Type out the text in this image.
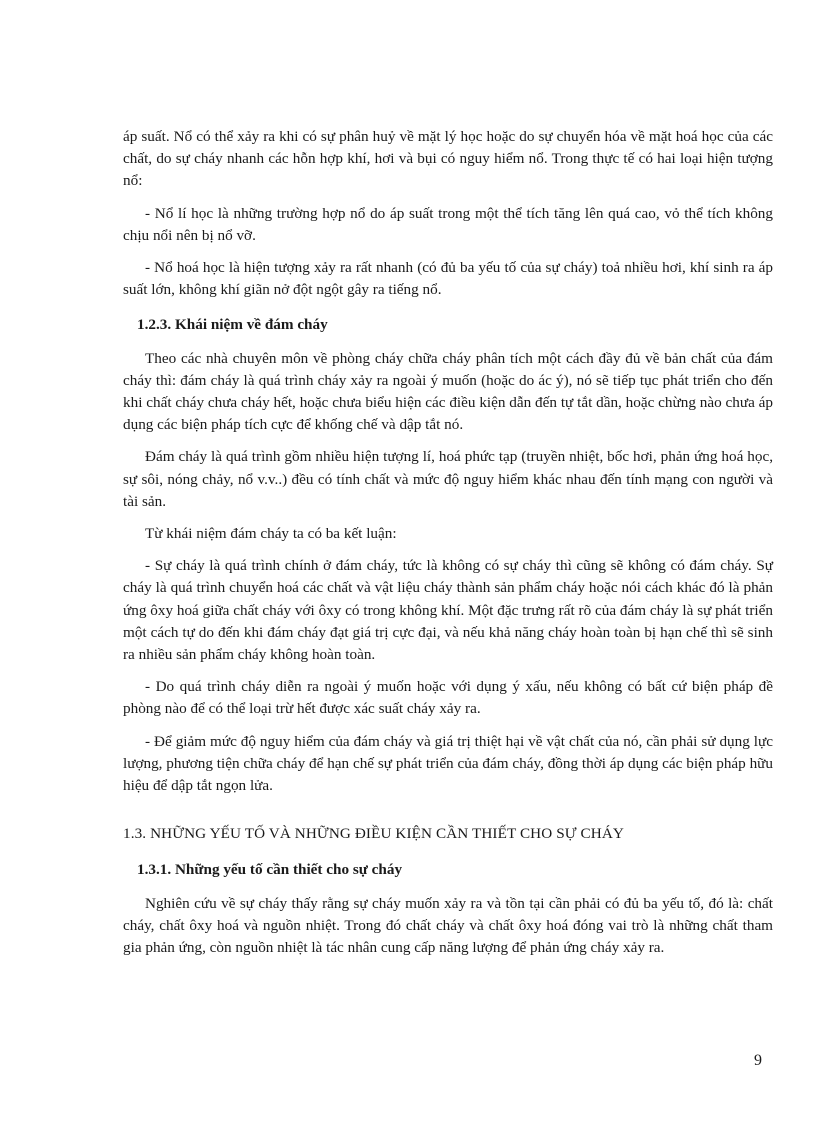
áp suất. Nổ có thể xảy ra khi có sự phân huỷ về mặt lý học hoặc do sự chuyển hóa về mặt hoá học của các chất, do sự cháy nhanh các hỗn hợp khí, hơi và bụi có nguy hiểm nổ. Trong thực tế có hai loại hiện tượng nổ:

- Nổ lí học là những trường hợp nổ do áp suất trong một thể tích tăng lên quá cao, vỏ thể tích không chịu nổi nên bị nổ vỡ.

- Nổ hoá học là hiện tượng xảy ra rất nhanh (có đủ ba yếu tố của sự cháy) toả nhiều hơi, khí sinh ra áp suất lớn, không khí giãn nở đột ngột gây ra tiếng nổ.

1.2.3. Khái niệm về đám cháy

Theo các nhà chuyên môn về phòng cháy chữa cháy phân tích một cách đầy đủ về bản chất của đám cháy thì: đám cháy là quá trình cháy xảy ra ngoài ý muốn (hoặc do ác ý), nó sẽ tiếp tục phát triển cho đến khi chất cháy chưa cháy hết, hoặc chưa biểu hiện các điều kiện dẫn đến tự tắt dần, hoặc chừng nào chưa áp dụng các biện pháp tích cực để khống chế và dập tắt nó.

Đám cháy là quá trình gồm nhiều hiện tượng lí, hoá phức tạp (truyền nhiệt, bốc hơi, phản ứng hoá học, sự sôi, nóng chảy, nổ v.v..) đều có tính chất và mức độ nguy hiểm khác nhau đến tính mạng con người và tài sản.

Từ khái niệm đám cháy ta có ba kết luận:

- Sự cháy là quá trình chính ở đám cháy, tức là không có sự cháy thì cũng sẽ không có đám cháy. Sự cháy là quá trình chuyển hoá các chất và vật liệu cháy thành sản phẩm cháy hoặc nói cách khác đó là phản ứng ôxy hoá giữa chất cháy với ôxy có trong không khí. Một đặc trưng rất rõ của đám cháy là sự phát triển một cách tự do đến khi đám cháy đạt giá trị cực đại, và nếu khả năng cháy hoàn toàn bị hạn chế thì sẽ sinh ra nhiều sản phẩm cháy không hoàn toàn.

- Do quá trình cháy diễn ra ngoài ý muốn hoặc với dụng ý xấu, nếu không có bất cứ biện pháp đề phòng nào để có thể loại trừ hết được xác suất cháy xảy ra.

- Để giảm mức độ nguy hiểm của đám cháy và giá trị thiệt hại về vật chất của nó, cần phải sử dụng lực lượng, phương tiện chữa cháy để hạn chế sự phát triển của đám cháy, đồng thời áp dụng các biện pháp hữu hiệu để dập tắt ngọn lửa.

1.3. NHỮNG YẾU TỐ VÀ NHỮNG ĐIỀU KIỆN CẦN THIẾT CHO SỰ CHÁY

1.3.1. Những yếu tố cần thiết cho sự cháy

Nghiên cứu về sự cháy thấy rằng sự cháy muốn xảy ra và tồn tại cần phải có đủ ba yếu tố, đó là: chất cháy, chất ôxy hoá và nguồn nhiệt. Trong đó chất cháy và chất ôxy hoá đóng vai trò là những chất tham gia phản ứng, còn nguồn nhiệt là tác nhân cung cấp năng lượng để phản ứng cháy xảy ra.

9
